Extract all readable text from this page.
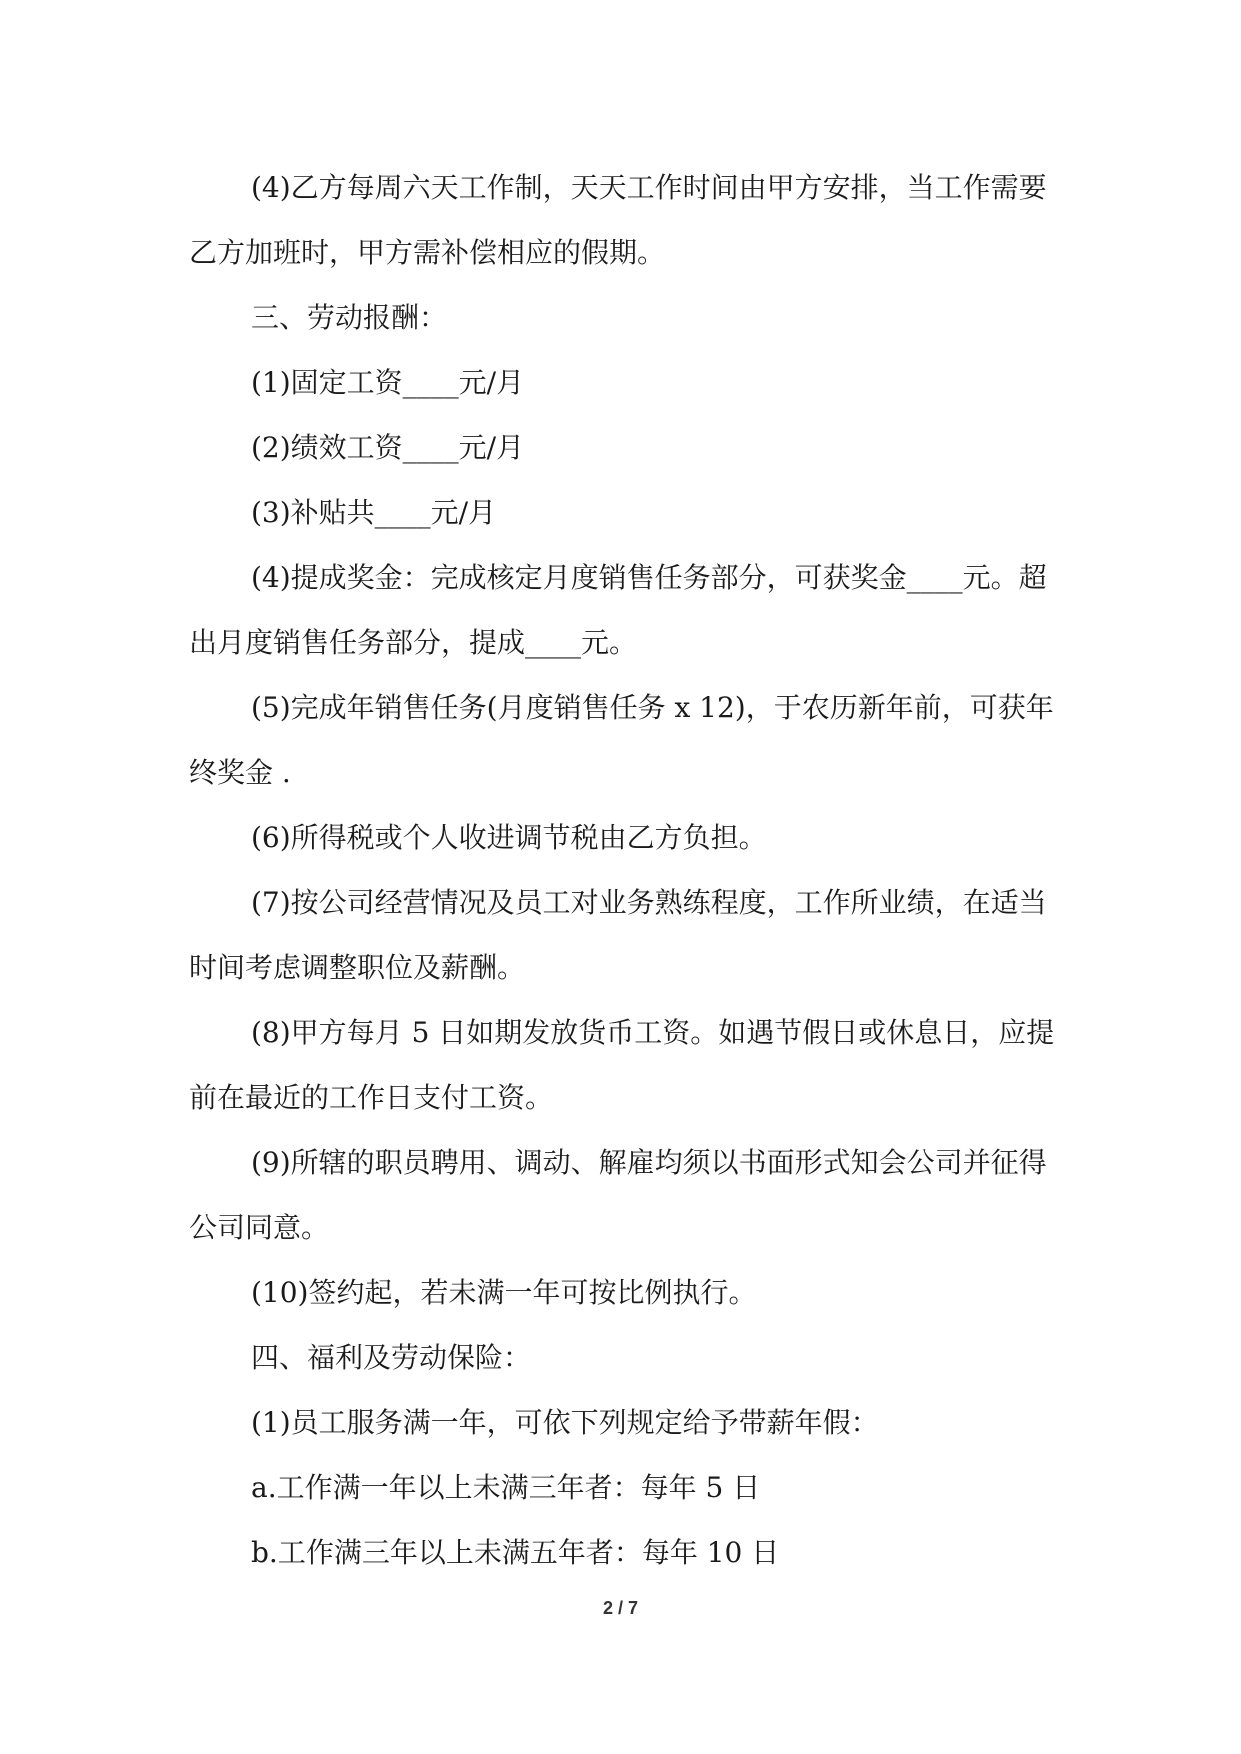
(4)乙方每周六天工作制，天天工作时间由甲方安排，当工作需要乙方加班时，甲方需补偿相应的假期。

三、劳动报酬：

(1)固定工资____元/月

(2)绩效工资____元/月

(3)补贴共____元/月

(4)提成奖金：完成核定月度销售任务部分，可获奖金____元。超出月度销售任务部分，提成____元。

(5)完成年销售任务(月度销售任务 x 12)，于农历新年前，可获年终奖金 .

(6)所得税或个人收进调节税由乙方负担。

(7)按公司经营情况及员工对业务熟练程度，工作所业绩，在适当时间考虑调整职位及薪酬。

(8)甲方每月 5 日如期发放货币工资。如遇节假日或休息日，应提前在最近的工作日支付工资。

(9)所辖的职员聘用、调动、解雇均须以书面形式知会公司并征得公司同意。

(10)签约起，若未满一年可按比例执行。

四、福利及劳动保险：

(1)员工服务满一年，可依下列规定给予带薪年假：

a.工作满一年以上未满三年者：每年 5 日

b.工作满三年以上未满五年者：每年 10 日

2 / 7
